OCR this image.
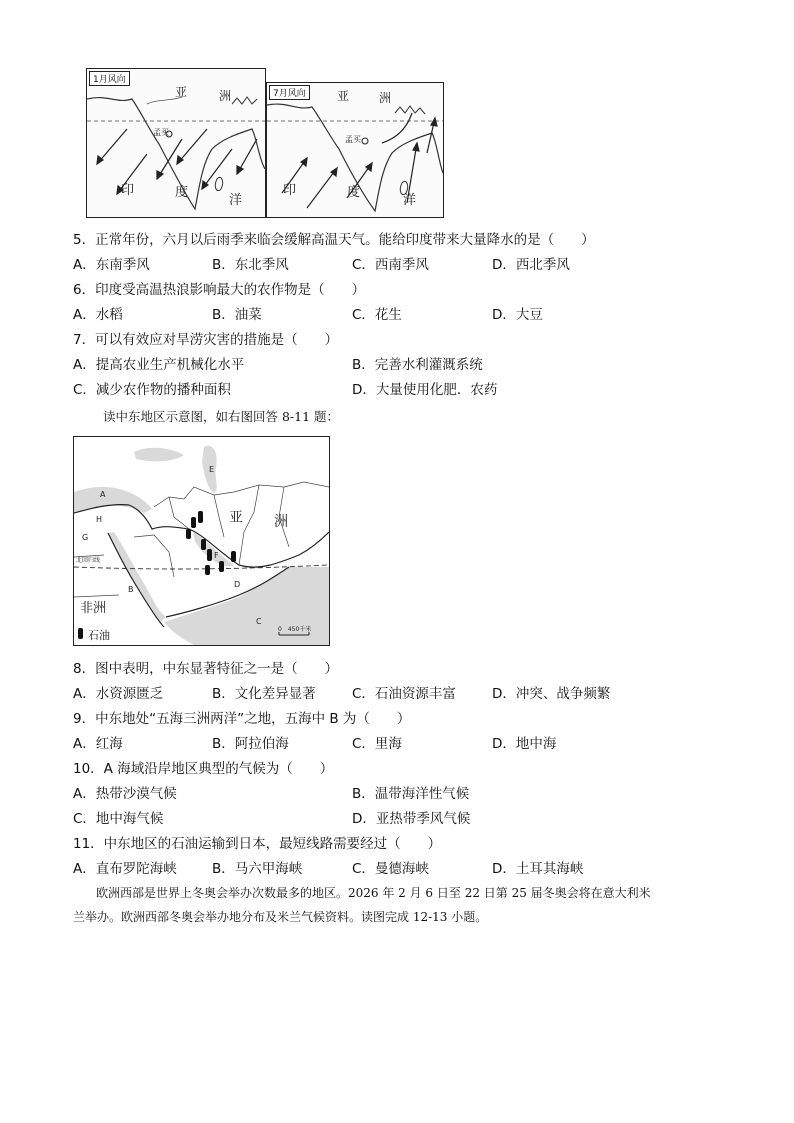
1月风向
亚	洲
孟买
印	度
洋
7月风向	亚 洲
孟买
印	度
洋
5．正常年份，六月以后雨季来临会缓解高温天气。能给印度带来大量降水的是（　　）
A．东南季风	B．东北季风	C．西南季风	D．西北季风
6．印度受高温热浪影响最大的农作物是（　　）
A．水稻	B．油菜	C．花生	D．大豆
7．可以有效应对旱涝灾害的措施是（　　）
A．提高农业生产机械化水平	B．完善水利灌溉系统
C．减少农作物的播种面积	D．大量使用化肥．农药
读中东地区示意图，如右图回答 8-11 题：
亚 洲
非洲
A
B
C
D
E
F
G
H
北回归线
石油	0　450千米
8．图中表明，中东显著特征之一是（　　）
A．水资源匮乏	B．文化差异显著	C．石油资源丰富	D．冲突、战争频繁
9．中东地处“五海三洲两洋”之地，五海中 B 为（　　）
A．红海	B．阿拉伯海	C．里海	D．地中海
10．A 海域沿岸地区典型的气候为（　　）
A．热带沙漠气候	B．温带海洋性气候
C．地中海气候	D．亚热带季风气候
11．中东地区的石油运输到日本，最短线路需要经过（　　）
A．直布罗陀海峡	B．马六甲海峡	C．曼德海峡	D．土耳其海峡
欧洲西部是世界上冬奥会举办次数最多的地区。2026 年 2 月 6 日至 22 日第 25 届冬奥会将在意大利米
兰举办。欧洲西部冬奥会举办地分布及米兰气候资料。读图完成 12-13 小题。
